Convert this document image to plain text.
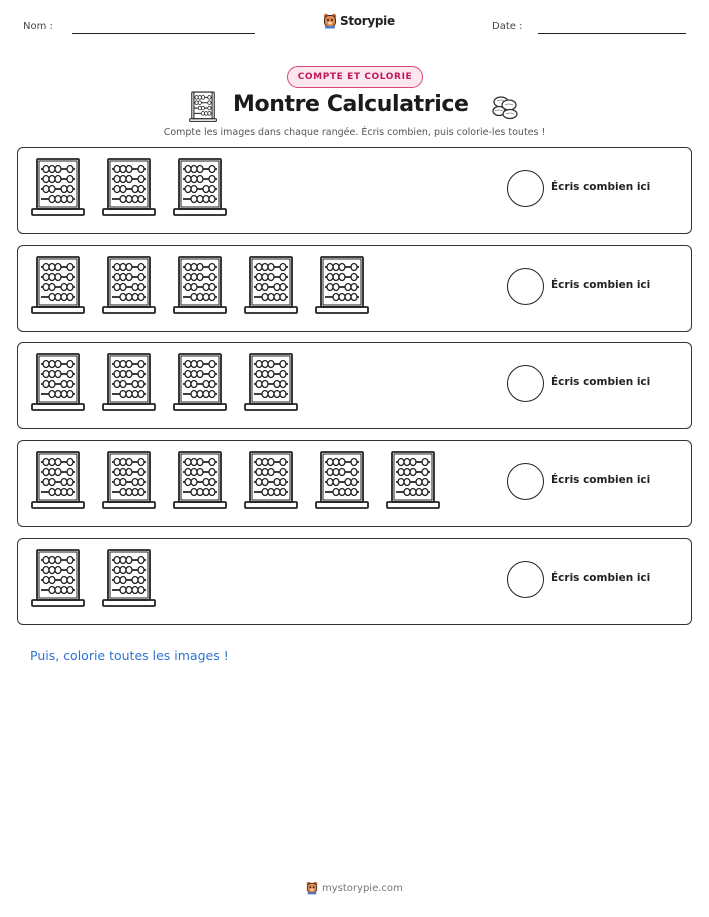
Nom :	Storypie	Date :
COMPTE ET COLORIE
Montre Calculatrice
Compte les images dans chaque rangée. Écris combien, puis colorie-les toutes !
Écris combien ici
Écris combien ici
Écris combien ici
Écris combien ici
Écris combien ici
Puis, colorie toutes les images !
mystorypie.com
